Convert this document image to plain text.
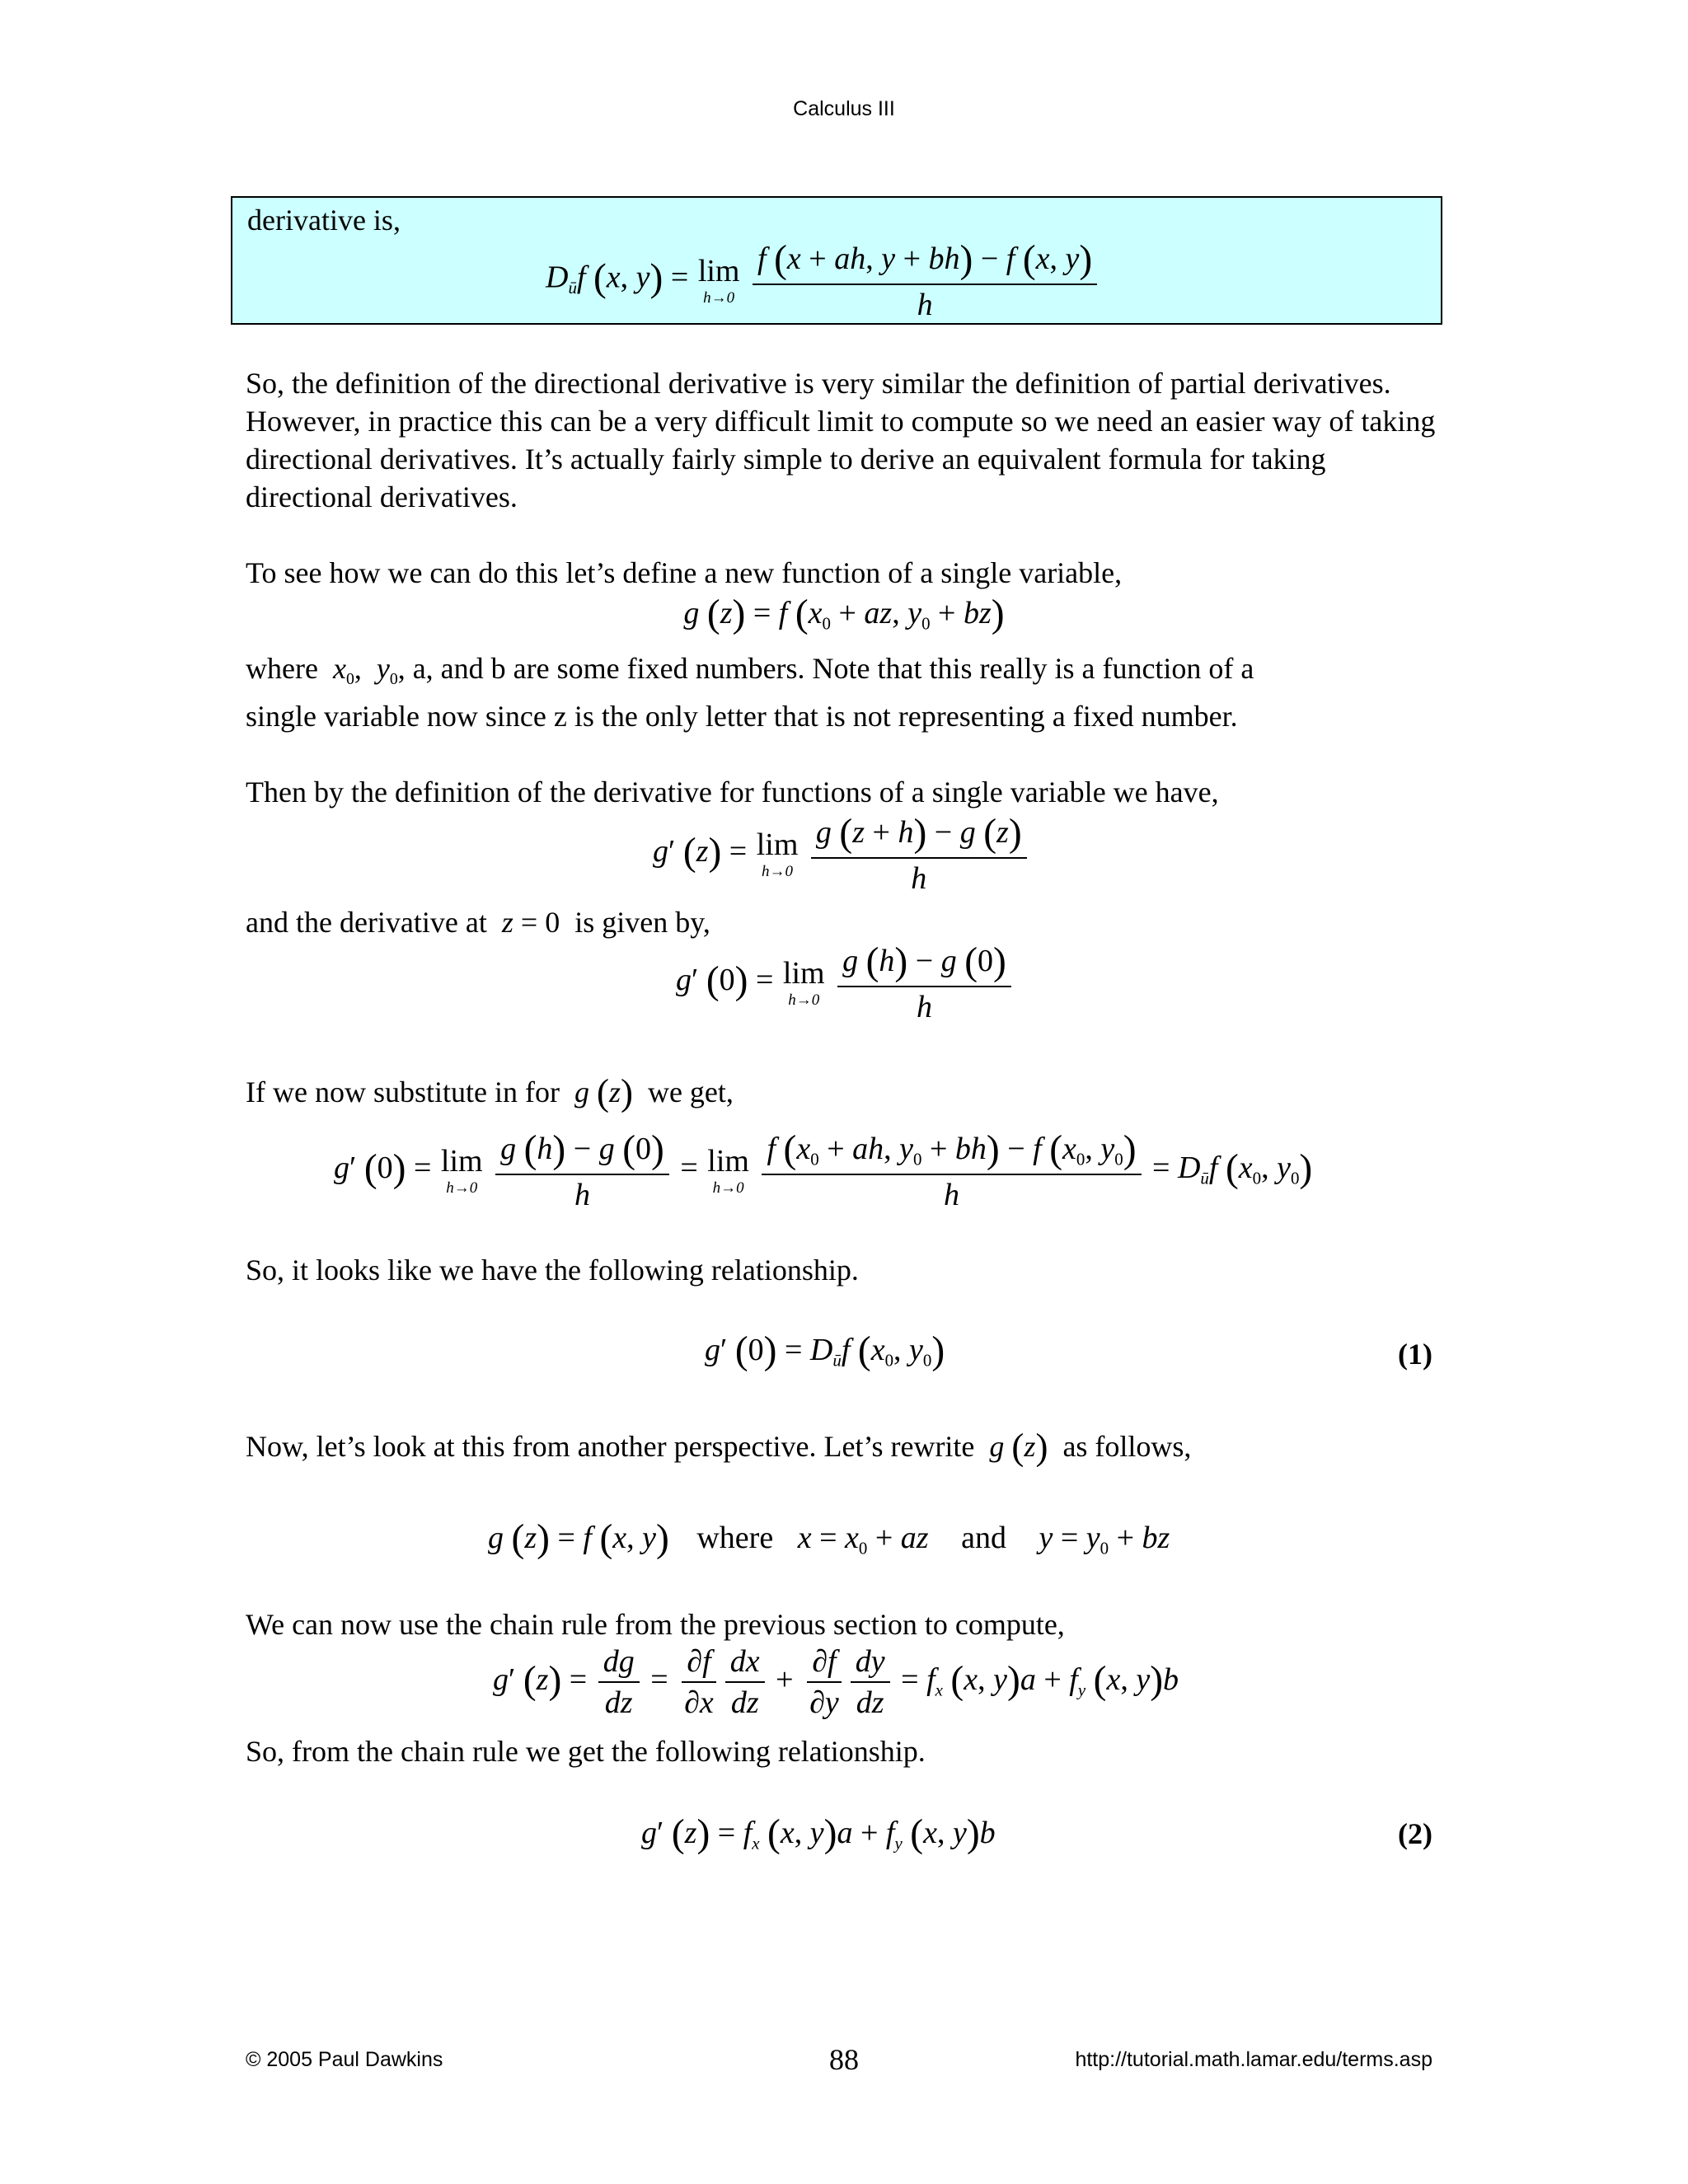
Calculus III
derivative is,
$D_ūf$ (x, y) = lim
h→0
$\frac{f (x + ah, y + bh) - f (x, y)}{h}$
So, the definition of the directional derivative is very similar the definition of partial derivatives. However, in practice this can be a very difficult limit to compute so we need an easier way of taking directional derivatives. It’s actually fairly simple to derive an equivalent formula for taking directional derivatives.
To see how we can do this let’s define a new function of a single variable,
g (z) = f ($x_0$ + az, $y_0 + bz$)
where $x_0$,  $y_0$, a, and b are some fixed numbers. Note that this really is a function of a
single variable now since z is the only letter that is not representing a fixed number.
Then by the definition of the derivative for functions of a single variable we have,
g′ (z) = lim
h→0
$\frac{g (z + h) - g (z)}{h}$
and the derivative at z = 0  is given by,
g′ (0) = lim
h→0
$\frac{g (h) - g (0)}{h}$
If we now substitute in for g (z) we get,
g′ (0) = lim
h→0
$\frac{g (h) - g (0)}{h} = \lim$
h→0
$\frac{f (x_0 + ah, y_0 + bh) - f (x_0, y_0)}{h} = D_ūf$ ($x_0$, $y_0$)
So, it looks like we have the following relationship.
g′ $(0) = D_ūf$ ($x_0$, $y_0$)	(1)
Now, let’s look at this from another perspective. Let’s rewrite g (z) as follows,
g (z) = f (x, y) where $x = x_0$ + az and $y = y_0$ + bz
We can now use the chain rule from the previous section to compute,
g′ $(z) = \frac{dg}{dz} = \frac{\partial f}{\partial x} \frac{dx}{dz} + \frac{\partial f}{\partial y} \frac{dy}{dz} = f_x$ (x, $y)a + f_y$ (x, y)b
So, from the chain rule we get the following relationship.
g′ $(z) = f_x$ (x, $y)a + f_y$ (x, y)b	(2)
© 2005 Paul Dawkins	88	http://tutorial.math.lamar.edu/terms.asp
